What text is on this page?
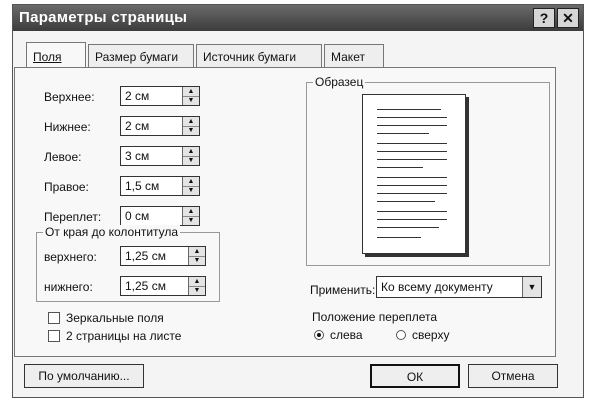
Параметры страницы	? ✕
Поля	Размер бумаги	Источник бумаги	Макет
Верхнее:	2 см	▲
▼
Нижнее:	2 см	▲
▼
Левое:	3 см	▲
▼
Правое:	1,5 см	▲
▼
Переплет: 0 см	▲
▼
От края до колонтитула
верхнего: 1,25 см	▲
▼
нижнего:	1,25 см	▲
▼
Зеркальные поля
2 страницы на листе
Образец
Применить: Ко всему документу	▼
Положение переплета
слева	сверху
По умолчанию...	ОК	Отмена
